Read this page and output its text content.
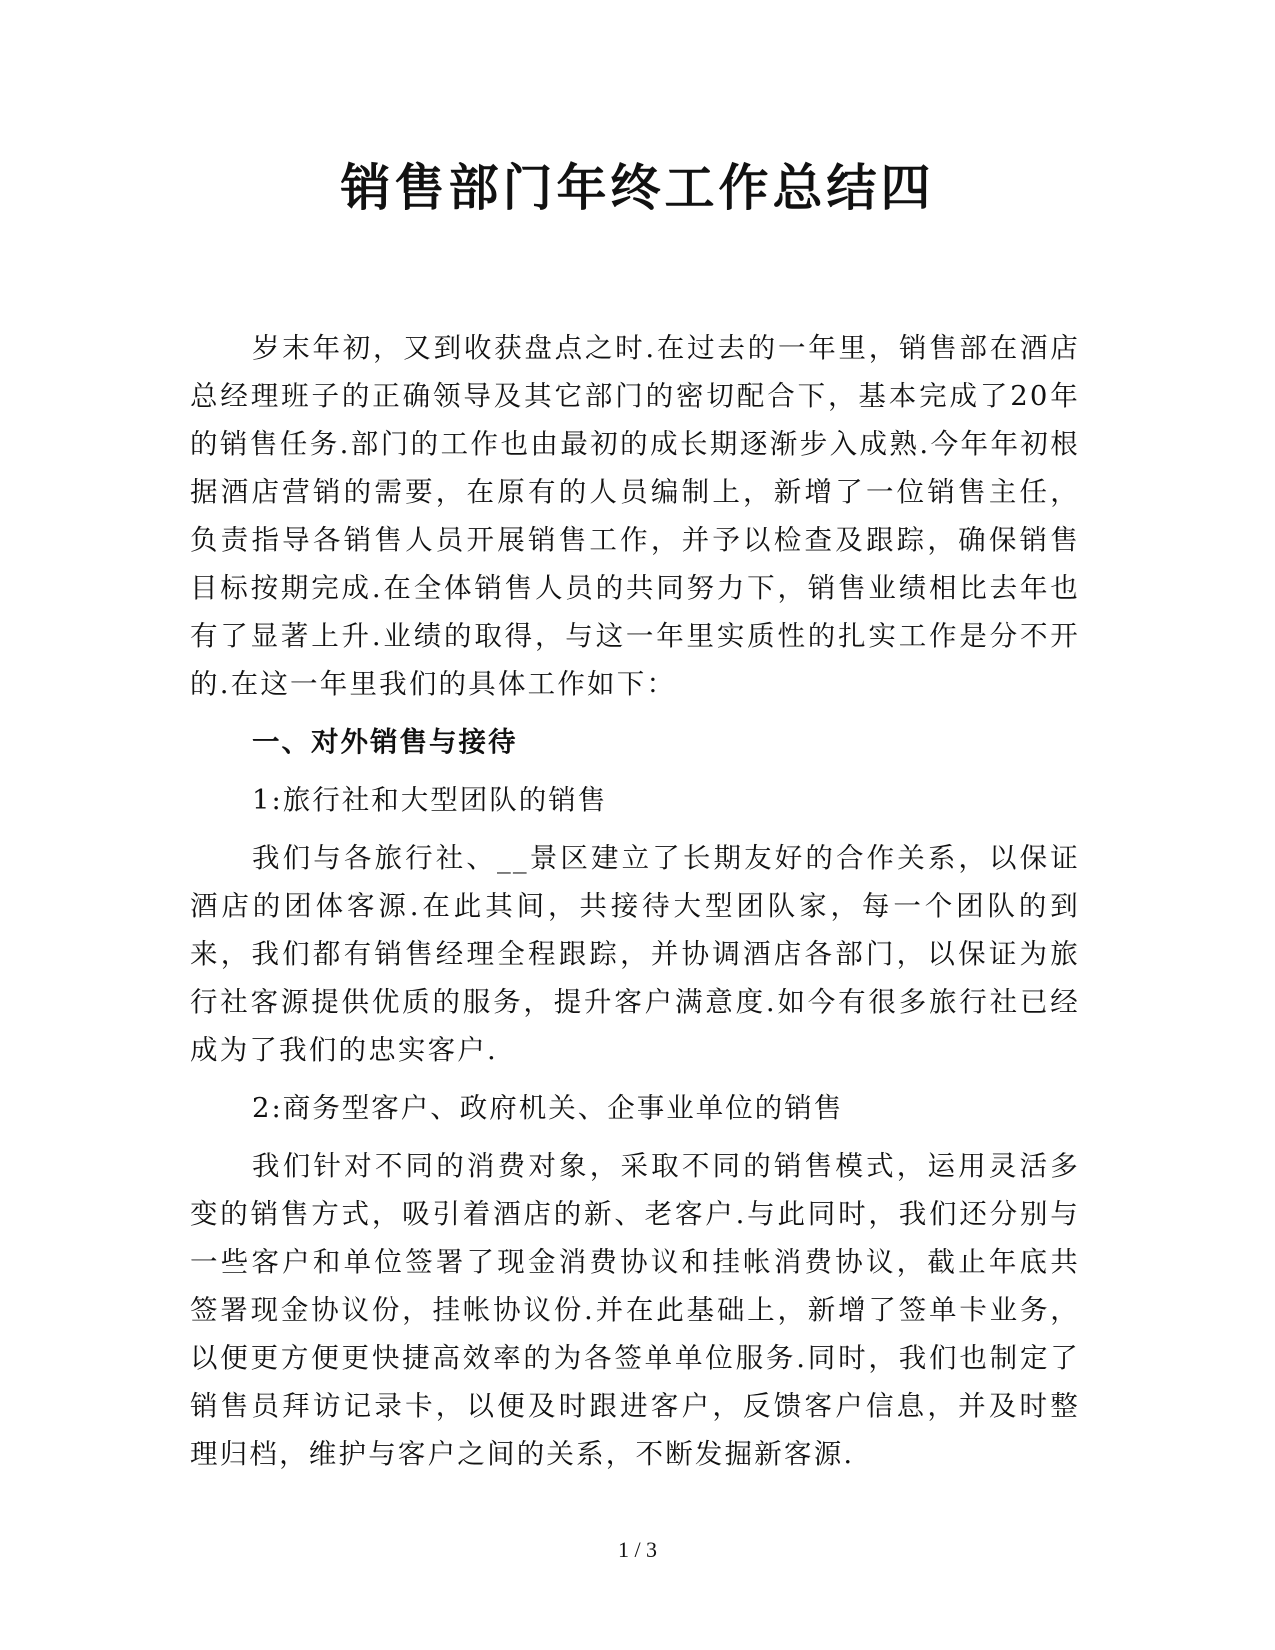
销售部门年终工作总结四

岁末年初，又到收获盘点之时.在过去的一年里，销售部在酒店总经理班子的正确领导及其它部门的密切配合下，基本完成了20年的销售任务.部门的工作也由最初的成长期逐渐步入成熟.今年年初根据酒店营销的需要，在原有的人员编制上，新增了一位销售主任，负责指导各销售人员开展销售工作，并予以检查及跟踪，确保销售目标按期完成.在全体销售人员的共同努力下，销售业绩相比去年也有了显著上升.业绩的取得，与这一年里实质性的扎实工作是分不开的.在这一年里我们的具体工作如下：

一、对外销售与接待

1:旅行社和大型团队的销售

我们与各旅行社、__景区建立了长期友好的合作关系，以保证酒店的团体客源.在此其间，共接待大型团队家，每一个团队的到来，我们都有销售经理全程跟踪，并协调酒店各部门，以保证为旅行社客源提供优质的服务，提升客户满意度.如今有很多旅行社已经成为了我们的忠实客户.

2:商务型客户、政府机关、企事业单位的销售

我们针对不同的消费对象，采取不同的销售模式，运用灵活多变的销售方式，吸引着酒店的新、老客户.与此同时，我们还分别与一些客户和单位签署了现金消费协议和挂帐消费协议，截止年底共签署现金协议份，挂帐协议份.并在此基础上，新增了签单卡业务，以便更方便更快捷高效率的为各签单单位服务.同时，我们也制定了销售员拜访记录卡，以便及时跟进客户，反馈客户信息，并及时整理归档，维护与客户之间的关系，不断发掘新客源.

1 / 3
